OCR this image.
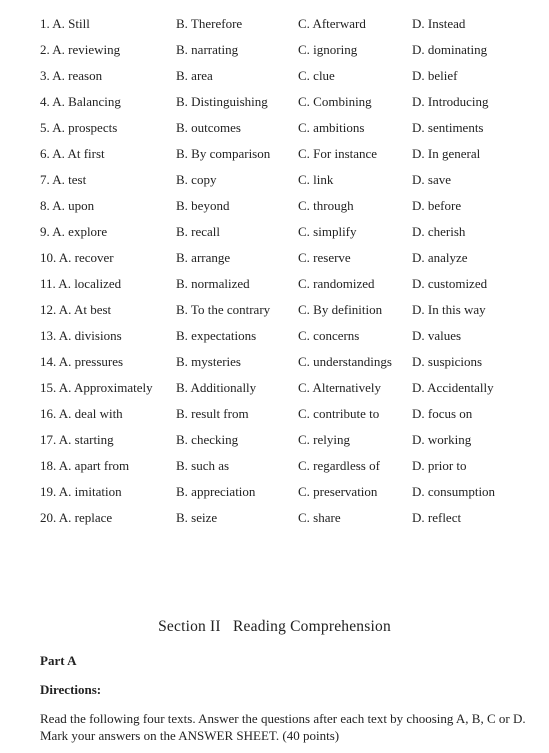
1. A. Still	B. Therefore	C. Afterward	D. Instead
2. A. reviewing	B. narrating	C. ignoring	D. dominating
3. A. reason	B. area	C. clue	D. belief
4. A. Balancing	B. Distinguishing C. Combining	D. Introducing
5. A. prospects	B. outcomes	C. ambitions	D. sentiments
6. A. At first	B. By comparison C. For instance	D. In general
7. A. test	B. copy	C. link	D. save
8. A. upon	B. beyond	C. through	D. before
9. A. explore	B. recall	C. simplify	D. cherish
10. A. recover	B. arrange	C. reserve	D. analyze
11. A. localized	B. normalized	C. randomized	D. customized
12. A. At best	B. To the contrary C. By definition D. In this way
13. A. divisions	B. expectations	C. concerns	D. values
14. A. pressures	B. mysteries	C. understandings D. suspicions
15. A. Approximately B. Additionally	C. Alternatively D. Accidentally
16. A. deal with	B. result from	C. contribute to	D. focus on
17. A. starting	B. checking	C. relying	D. working
18. A. apart from	B. such as	C. regardless of D. prior to
19. A. imitation	B. appreciation	C. preservation	D. consumption
20. A. replace	B. seize	C. share	D. reflect
Section II   Reading Comprehension
Part A
Directions:
Read the following four texts. Answer the questions after each text by choosing A, B, C or D. Mark your answers on the ANSWER SHEET. (40 points)
